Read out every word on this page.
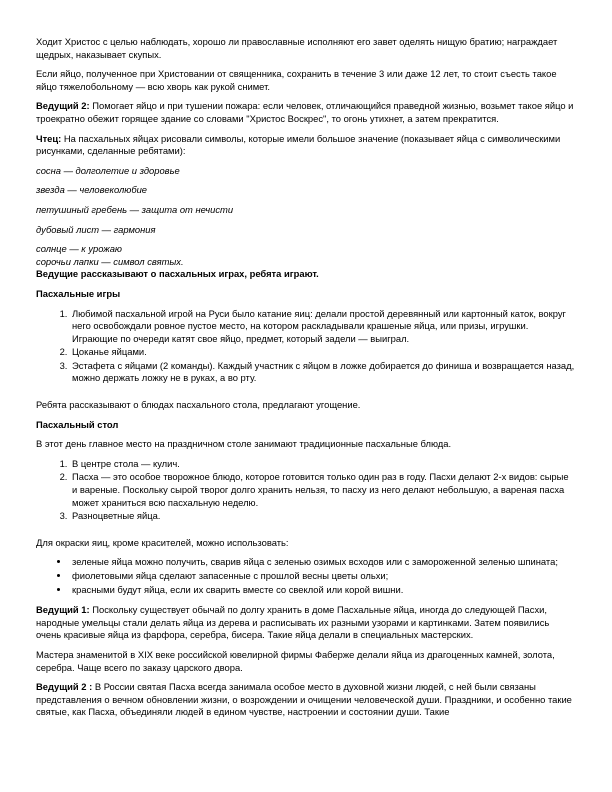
Ходит Христос с целью наблюдать, хорошо ли православные исполняют его завет оделять нищую братию; награждает щедрых, наказывает скупых.

Если яйцо, полученное при Христовании от священника, сохранить в течение 3 или даже 12 лет, то стоит съесть такое яйцо тяжелобольному — всю хворь как рукой снимет.

Ведущий 2: Помогает яйцо и при тушении пожара: если человек, отличающийся праведной жизнью, возьмет такое яйцо и троекратно обежит горящее здание со словами "Христос Воскрес", то огонь утихнет, а затем прекратится.

Чтец: На пасхальных яйцах рисовали символы, которые имели большое значение (показывает яйца с символическими рисунками, сделанные ребятами):

сосна — долголетие и здоровье

звезда — человеколюбие

петушиный гребень — защита от нечисти

дубовый лист — гармония

солнце — к урожаю

сорочьи лапки — символ святых.

Ведущие рассказывают о пасхальных играх, ребята играют.

Пасхальные игры

1. Любимой пасхальной игрой на Руси было катание яиц: делали простой деревянный или картонный каток, вокруг него освобождали ровное пустое место, на котором раскладывали крашеные яйца, или призы, игрушки. Играющие по очереди катят свое яйцо, предмет, который задели — выиграл.
2. Цоканье яйцами.
3. Эстафета с яйцами (2 команды). Каждый участник с яйцом в ложке добирается до финиша и возвращается назад, можно держать ложку не в руках, а во рту.

Ребята рассказывают о блюдах пасхального стола, предлагают угощение.

Пасхальный стол

В этот день главное место на праздничном столе занимают традиционные пасхальные блюда.

1. В центре стола — кулич.
2. Пасха — это особое творожное блюдо, которое готовится только один раз в году. Пасхи делают 2-х видов: сырые и вареные. Поскольку сырой творог долго хранить нельзя, то пасху из него делают небольшую, а вареная пасха может храниться всю пасхальную неделю.
3. Разноцветные яйца.

Для окраски яиц, кроме красителей, можно использовать:

• зеленые яйца можно получить, сварив яйца с зеленью озимых всходов или с замороженной зеленью шпината;
• фиолетовыми яйца сделают запасенные с прошлой весны цветы ольхи;
• красными будут яйца, если их сварить вместе со свеклой или корой вишни.

Ведущий 1: Поскольку существует обычай по долгу хранить в доме Пасхальные яйца, иногда до следующей Пасхи, народные умельцы стали делать яйца из дерева и расписывать их разными узорами и картинками. Затем появились очень красивые яйца из фарфора, серебра, бисера. Такие яйца делали в специальных мастерских.

Мастера знаменитой в XIX веке российской ювелирной фирмы Фаберже делали яйца из драгоценных камней, золота, серебра. Чаще всего по заказу царского двора.

Ведущий 2 : В России святая Пасха всегда занимала особое место в духовной жизни людей, с ней были связаны представления о вечном обновлении жизни, о возрождении и очищении человеческой души. Праздники, и особенно такие святые, как Пасха, объединяли людей в едином чувстве, настроении и состоянии души. Такие
